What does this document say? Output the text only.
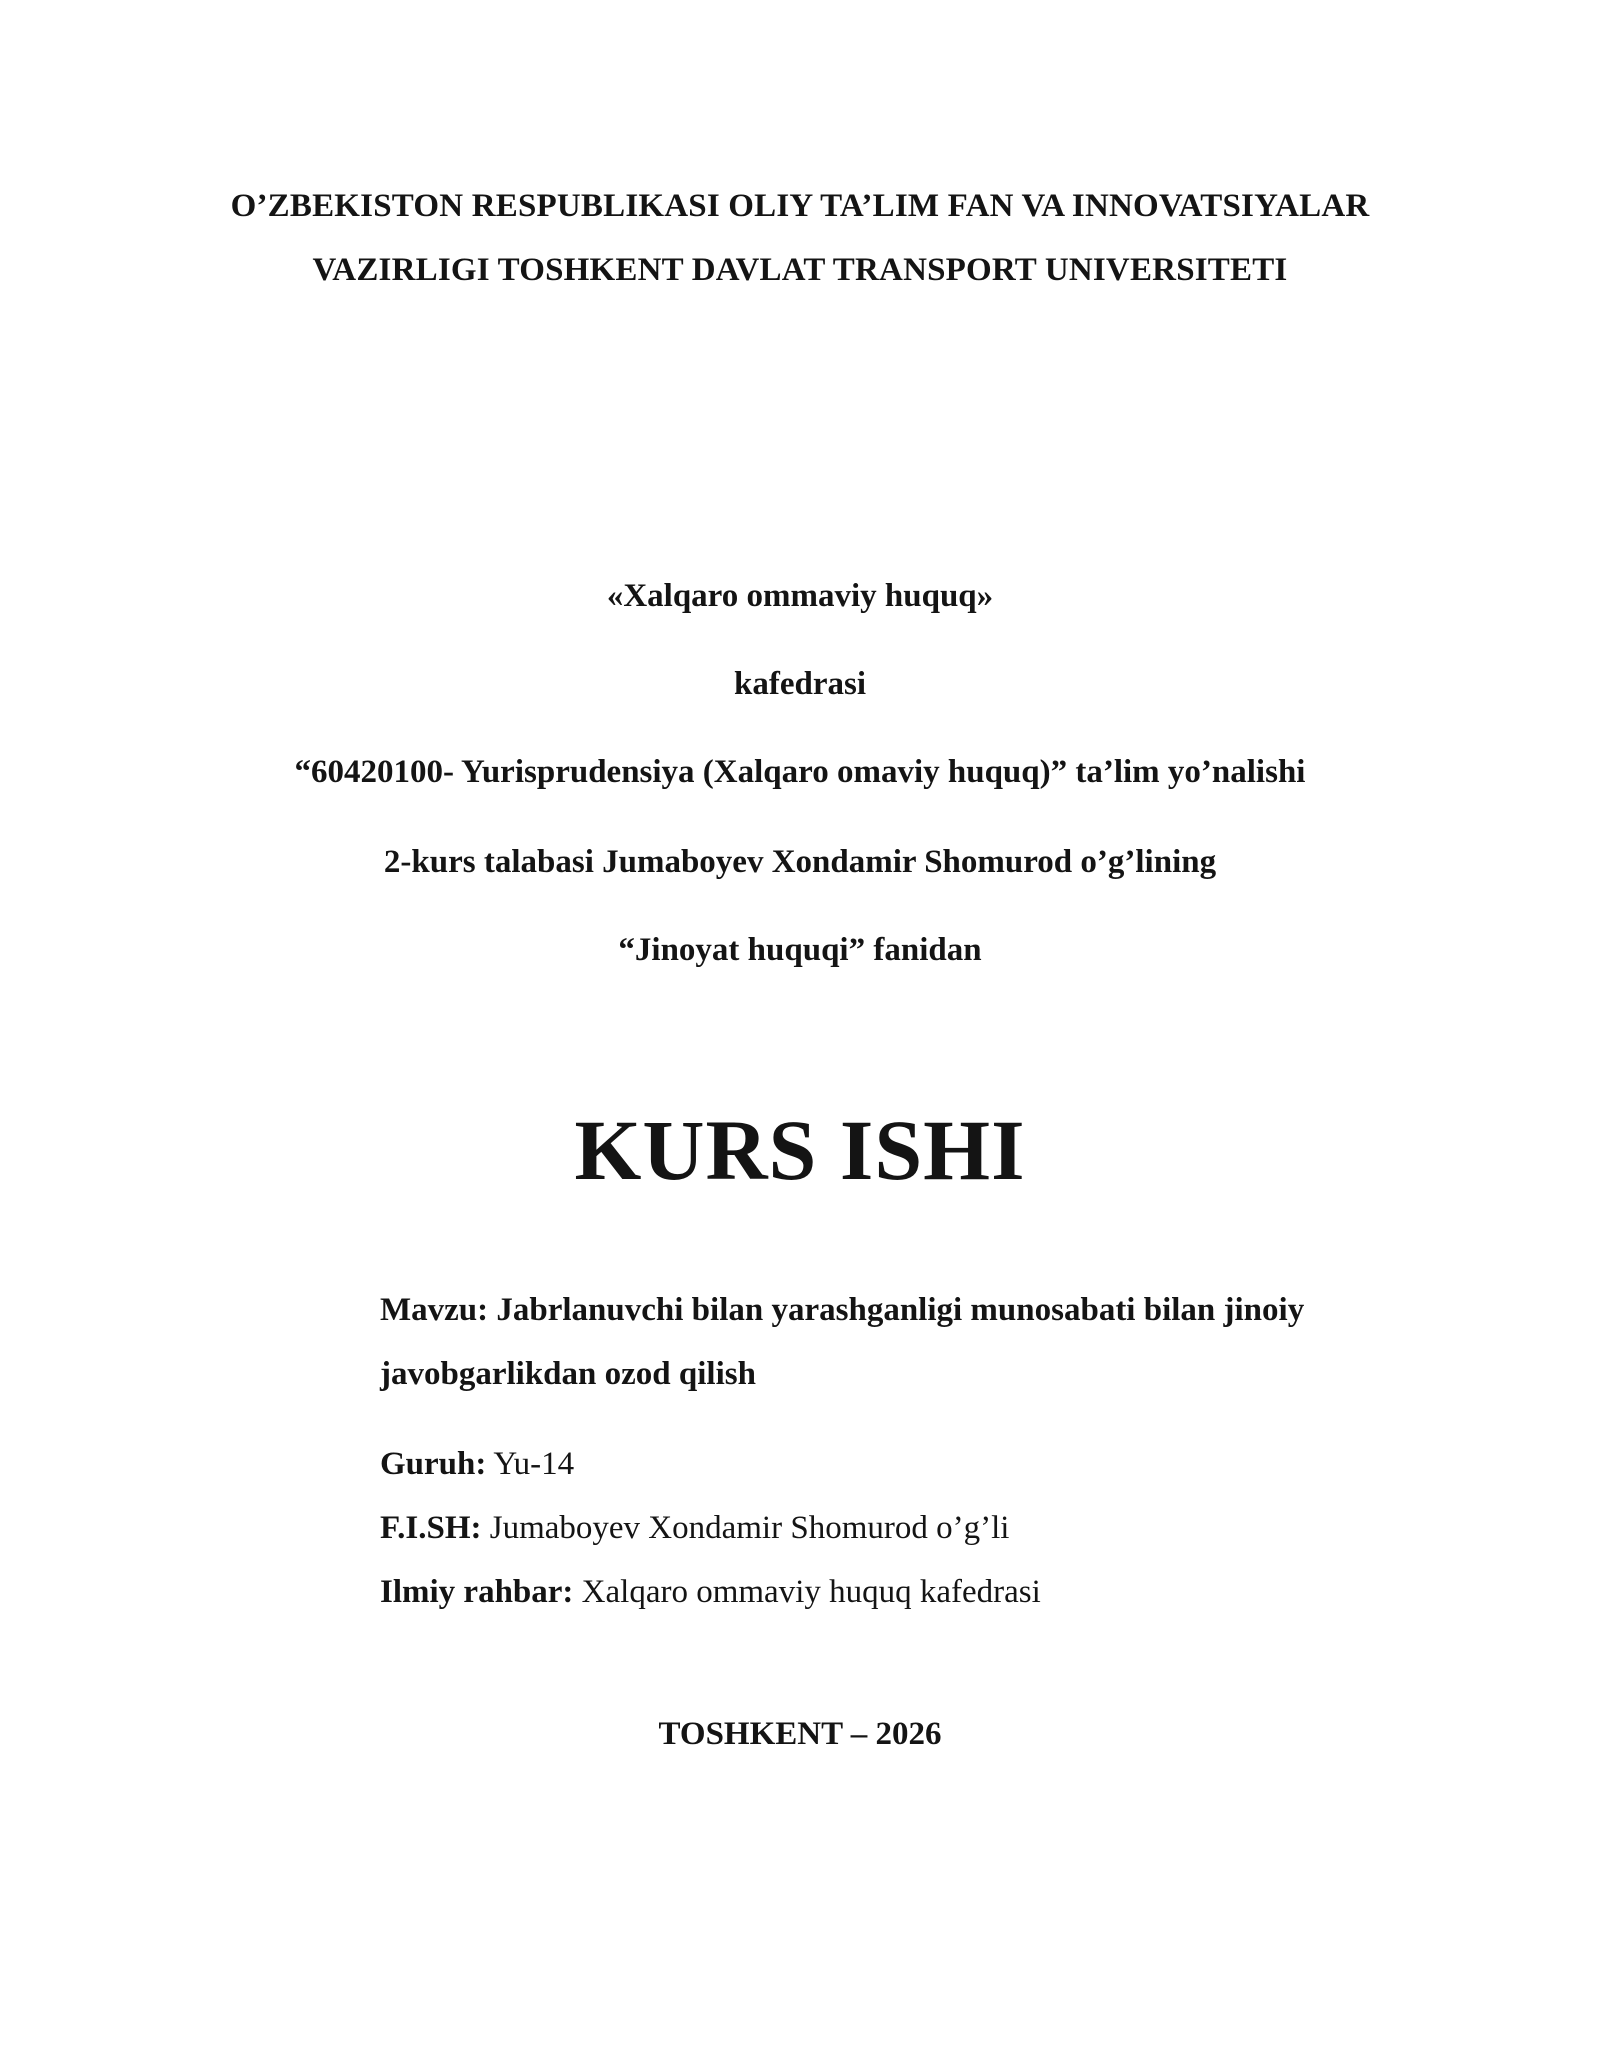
O’ZBEKISTON RESPUBLIKASI OLIY TA’LIM FAN VA INNOVATSIYALAR
VAZIRLIGI TOSHKENT DAVLAT TRANSPORT UNIVERSITETI
«Xalqaro ommaviy huquq»
kafedrasi
“60420100- Yurisprudensiya (Xalqaro omaviy huquq)” ta’lim yo’nalishi
2-kurs talabasi Jumaboyev Xondamir Shomurod o’g’lining
“Jinoyat huquqi” fanidan
KURS ISHI
Mavzu: Jabrlanuvchi bilan yarashganligi munosabati bilan jinoiy
javobgarlikdan ozod qilish
Guruh: Yu-14
F.I.SH: Jumaboyev Xondamir Shomurod o’g’li
Ilmiy rahbar: Xalqaro ommaviy huquq kafedrasi
TOSHKENT – 2026
